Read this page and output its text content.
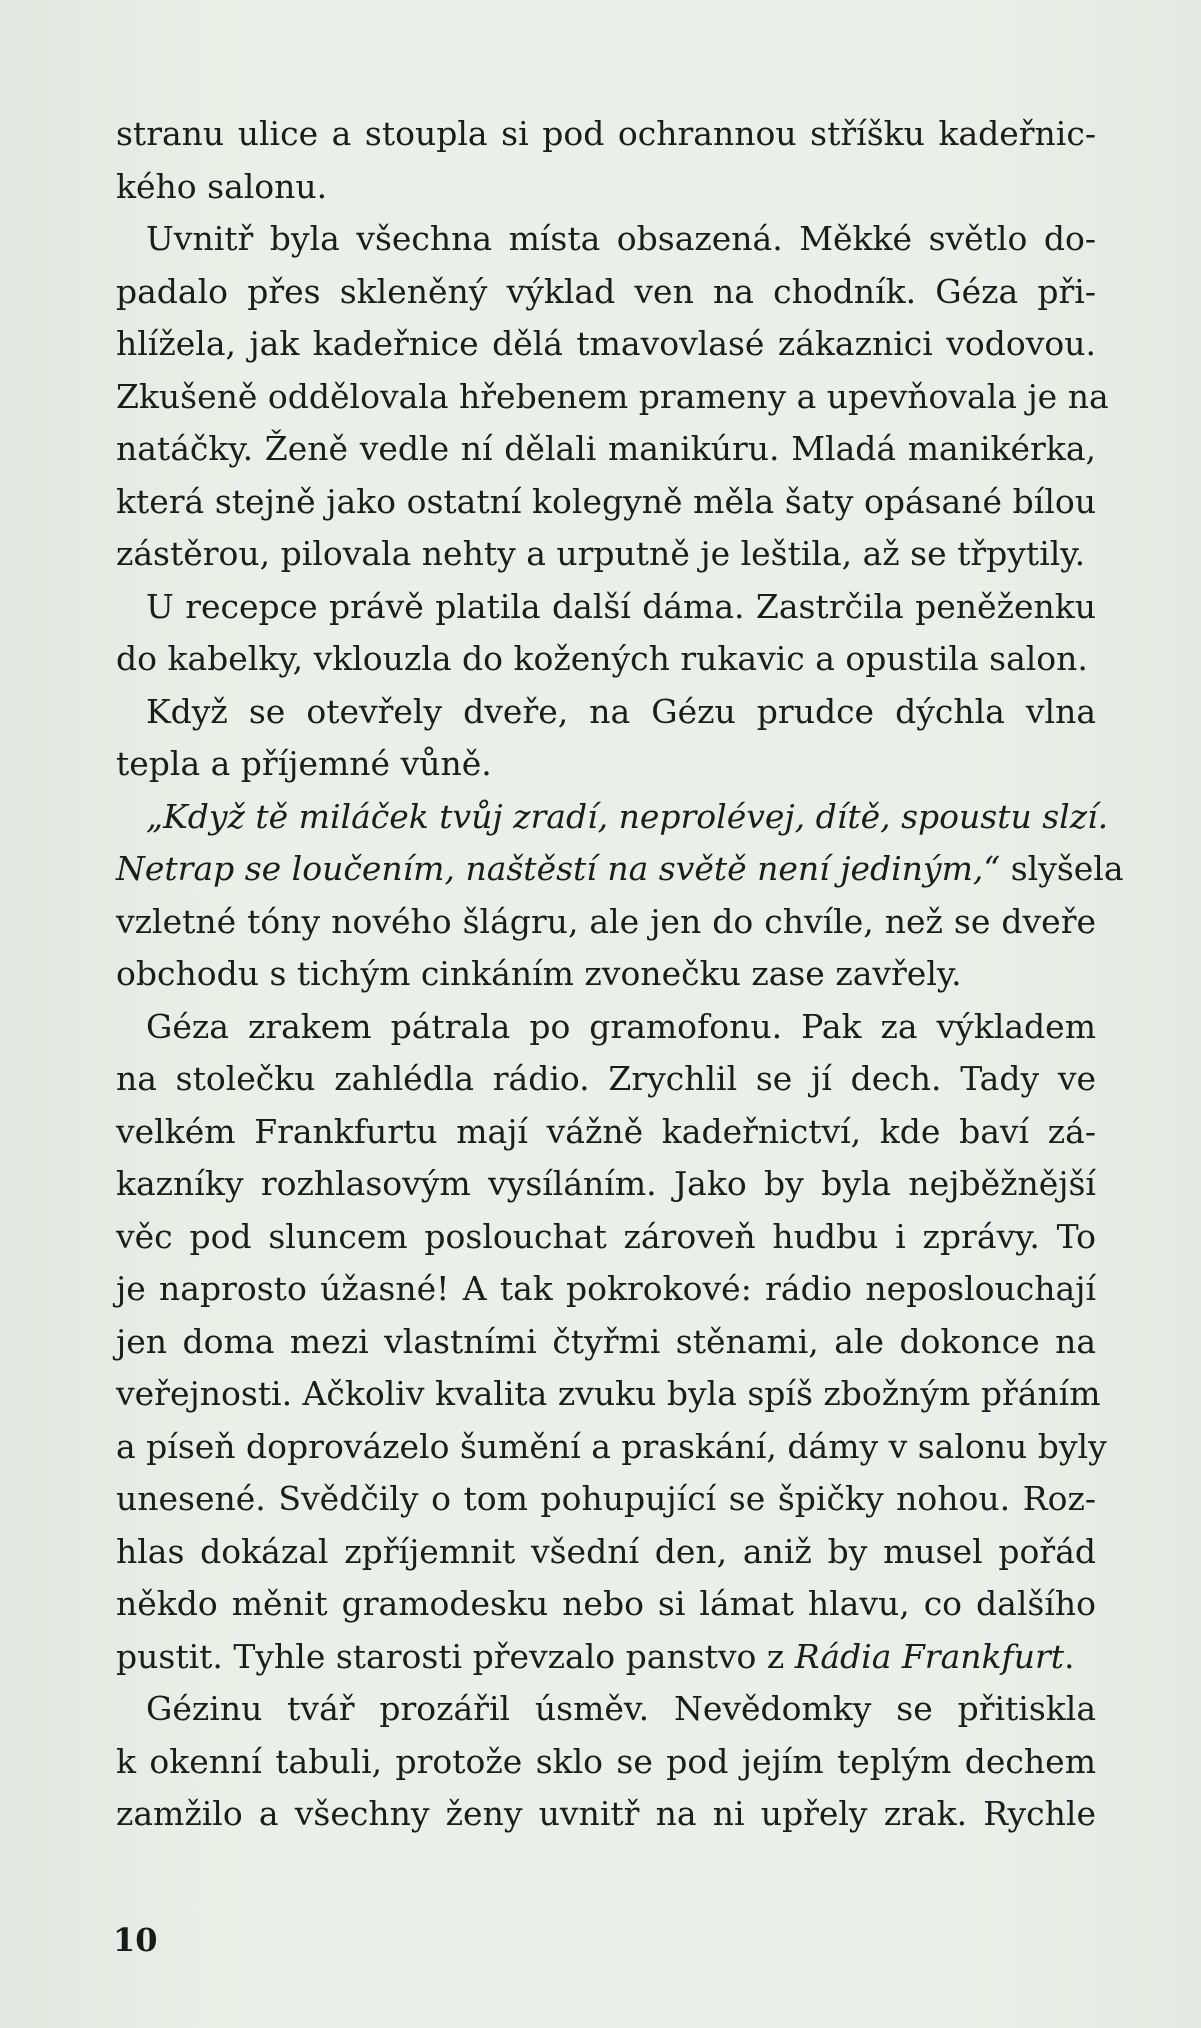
stranu ulice a stoupla si pod ochrannou stříšku kadeřnic-
kého salonu.
Uvnitř byla všechna místa obsazená. Měkké světlo do-
padalo přes skleněný výklad ven na chodník. Géza při-
hlížela, jak kadeřnice dělá tmavovlasé zákaznici vodovou.
Zkušeně oddělovala hřebenem prameny a upevňovala je na
natáčky. Ženě vedle ní dělali manikúru. Mladá manikérka,
která stejně jako ostatní kolegyně měla šaty opásané bílou
zástěrou, pilovala nehty a urputně je leštila, až se třpytily.
U recepce právě platila další dáma. Zastrčila peněženku
do kabelky, vklouzla do kožených rukavic a opustila salon.
Když se otevřely dveře, na Gézu prudce dýchla vlna
tepla a příjemné vůně.
„Když tě miláček tvůj zradí, neprolévej, dítě, spoustu slzí.
Netrap se loučením, naštěstí na světě není jediným,“ slyšela
vzletné tóny nového šlágru, ale jen do chvíle, než se dveře
obchodu s tichým cinkáním zvonečku zase zavřely.
Géza zrakem pátrala po gramofonu. Pak za výkladem
na stolečku zahlédla rádio. Zrychlil se jí dech. Tady ve
velkém Frankfurtu mají vážně kadeřnictví, kde baví zá-
kazníky rozhlasovým vysíláním. Jako by byla nejběžnější
věc pod sluncem poslouchat zároveň hudbu i zprávy. To
je naprosto úžasné! A tak pokrokové: rádio neposlouchají
jen doma mezi vlastními čtyřmi stěnami, ale dokonce na
veřejnosti. Ačkoliv kvalita zvuku byla spíš zbožným přáním
a píseň doprovázelo šumění a praskání, dámy v salonu byly
unesené. Svědčily o tom pohupující se špičky nohou. Roz-
hlas dokázal zpříjemnit všední den, aniž by musel pořád
někdo měnit gramodesku nebo si lámat hlavu, co dalšího
pustit. Tyhle starosti převzalo panstvo z Rádia Frankfurt.
Gézinu tvář prozářil úsměv. Nevědomky se přitiskla
k okenní tabuli, protože sklo se pod jejím teplým dechem
zamžilo a všechny ženy uvnitř na ni upřely zrak. Rychle
10
